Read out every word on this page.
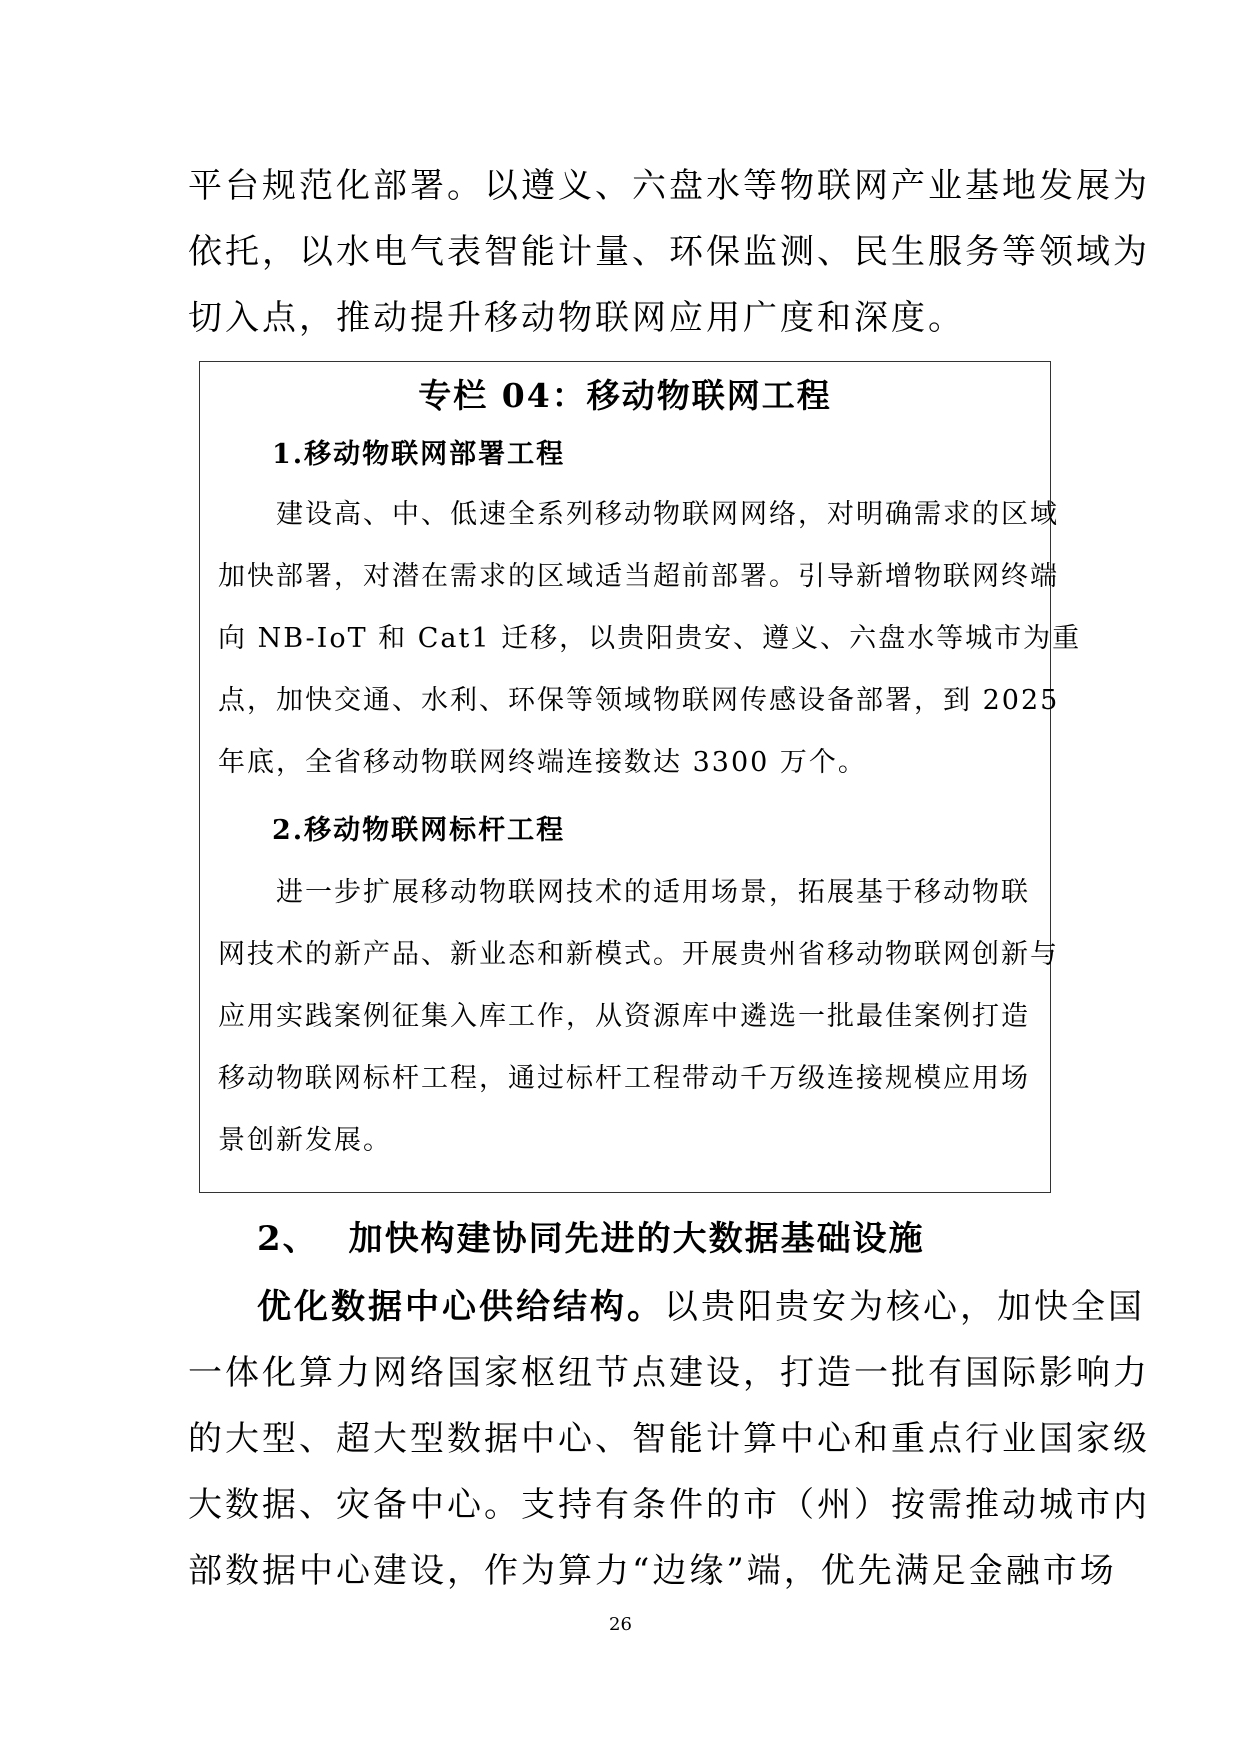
平台规范化部署。以遵义、六盘水等物联网产业基地发展为
依托，以水电气表智能计量、环保监测、民生服务等领域为
切入点，推动提升移动物联网应用广度和深度。
专栏 04：移动物联网工程
1.移动物联网部署工程
　　建设高、中、低速全系列移动物联网网络，对明确需求的区域
加快部署，对潜在需求的区域适当超前部署。引导新增物联网终端
向 NB-IoT 和 Cat1 迁移，以贵阳贵安、遵义、六盘水等城市为重
点，加快交通、水利、环保等领域物联网传感设备部署，到 2025
年底，全省移动物联网终端连接数达 3300 万个。
2.移动物联网标杆工程
　　进一步扩展移动物联网技术的适用场景，拓展基于移动物联
网技术的新产品、新业态和新模式。开展贵州省移动物联网创新与
应用实践案例征集入库工作，从资源库中遴选一批最佳案例打造
移动物联网标杆工程，通过标杆工程带动千万级连接规模应用场
景创新发展。
2、 加快构建协同先进的大数据基础设施
优化数据中心供给结构。以贵阳贵安为核心，加快全国
一体化算力网络国家枢纽节点建设，打造一批有国际影响力
的大型、超大型数据中心、智能计算中心和重点行业国家级
大数据、灾备中心。支持有条件的市（州）按需推动城市内
部数据中心建设，作为算力“边缘”端，优先满足金融市场
26
